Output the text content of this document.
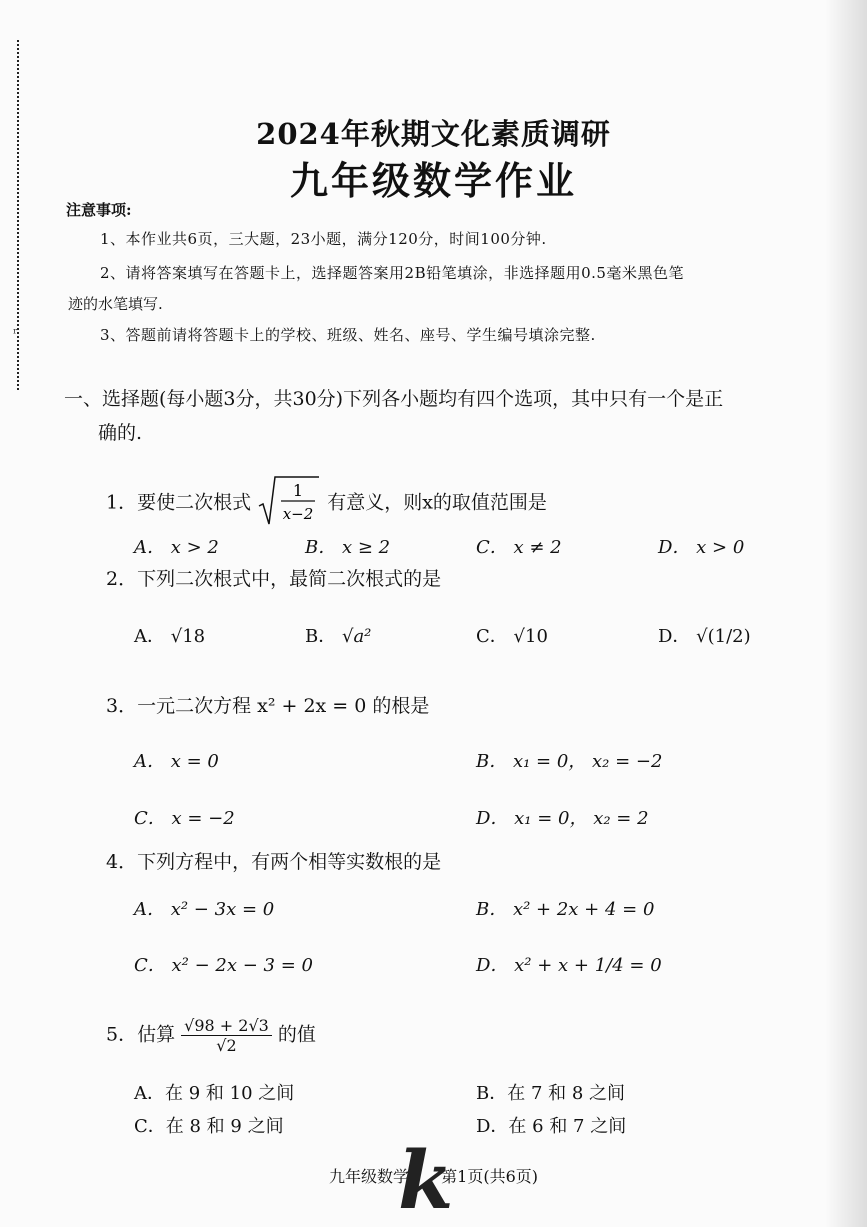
ʳ
2024年秋期文化素质调研
九年级数学作业
注意事项:
1、本作业共6页，三大题，23小题，满分120分，时间100分钟.
2、请将答案填写在答题卡上，选择题答案用2B铅笔填涂，非选择题用0.5毫米黑色笔
迹的水笔填写.
3、答题前请将答题卡上的学校、班级、姓名、座号、学生编号填涂完整.
一、选择题(每小题3分，共30分)下列各小题均有四个选项，其中只有一个是正
确的.
1．要使二次根式
1
x−2
有意义，则x的取值范围是
A． x > 2	B． x ≥ 2	C． x ≠ 2	D． x > 0
2．下列二次根式中，最简二次根式的是
A． √18	B． √a²	C． √10	D． √(1/2)
3．一元二次方程 x² + 2x = 0 的根是
A． x = 0	B． x₁ = 0， x₂ = −2
C． x = −2	D． x₁ = 0， x₂ = 2
4．下列方程中，有两个相等实数根的是
A． x² − 3x = 0	B． x² + 2x + 4 = 0
C． x² − 2x − 3 = 0	D． x² + x + 1/4 = 0
5．估算 $\frac{√98 + 2√3}{√2}$ 的值
A．在 9 和 10 之间	B．在 7 和 8 之间
C．在 8 和 9 之间	D．在 6 和 7 之间
九年级数学 第1页(共6页)
k
